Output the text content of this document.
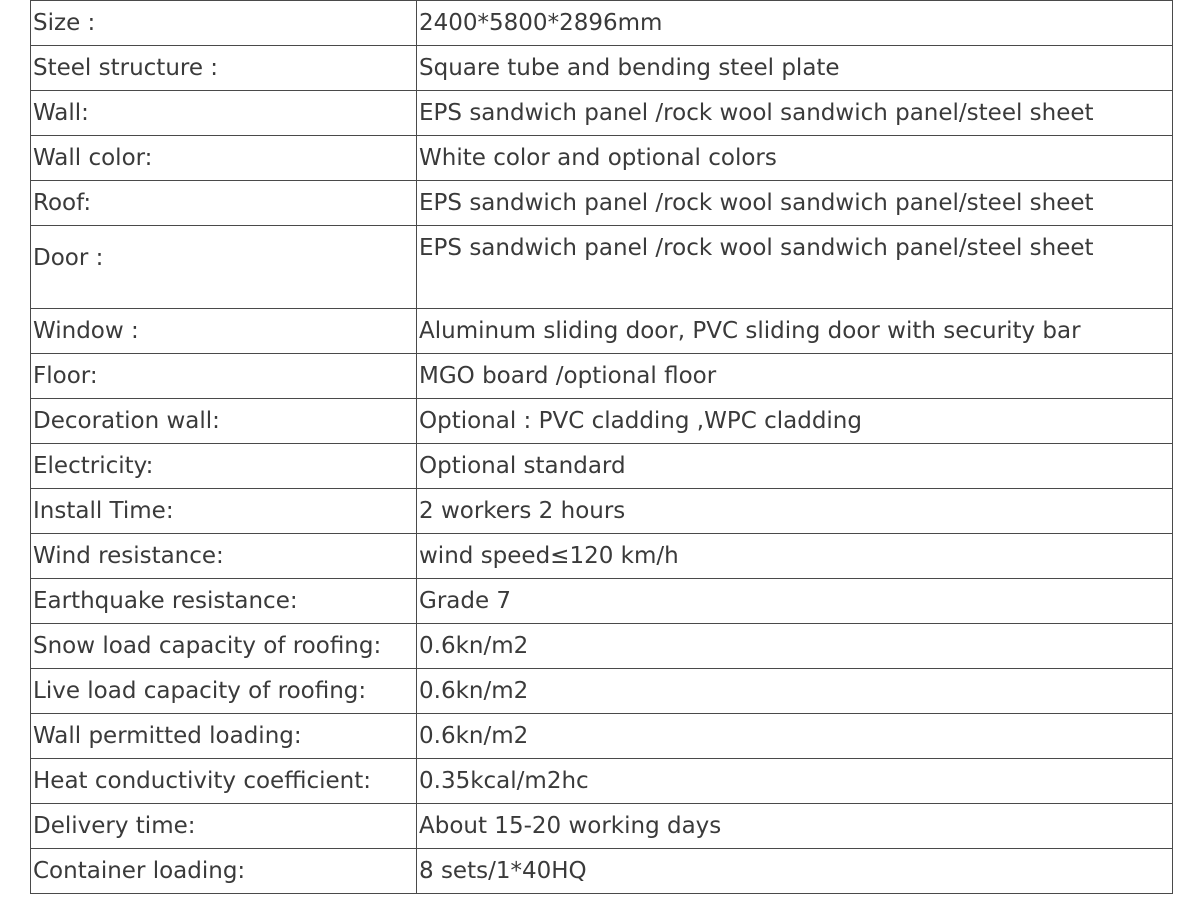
Size :	2400*5800*2896mm
Steel structure :	Square tube and bending steel plate
Wall:	EPS sandwich panel /rock wool sandwich panel/steel sheet
Wall color:	White color and optional colors
Roof:	EPS sandwich panel /rock wool sandwich panel/steel sheet
Door :	EPS sandwich panel /rock wool sandwich panel/steel sheet
Window :	Aluminum sliding door, PVC sliding door with security bar
Floor:	MGO board /optional floor
Decoration wall:	Optional : PVC cladding ,WPC cladding
Electricity:	Optional standard
Install Time:	2 workers 2 hours
Wind resistance:	wind speed≤120 km/h
Earthquake resistance:	Grade 7
Snow load capacity of roofing:	0.6kn/m2
Live load capacity of roofing:	0.6kn/m2
Wall permitted loading:	0.6kn/m2
Heat conductivity coefficient:	0.35kcal/m2hc
Delivery time:	About 15-20 working days
Container loading:	8 sets/1*40HQ
